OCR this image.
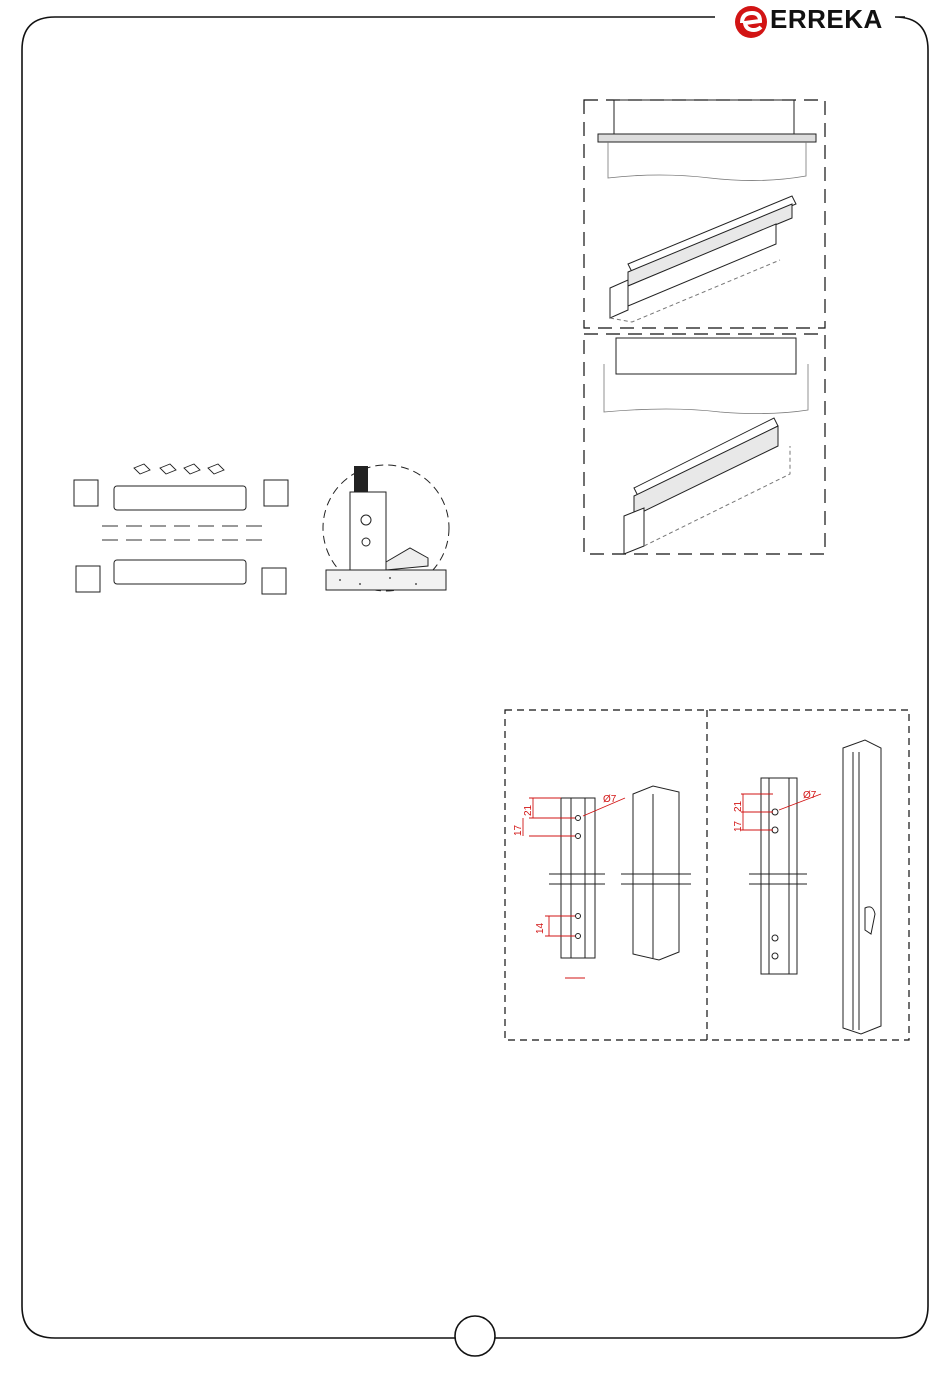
ERREKA
17
21
Ø7
14
17
21
Ø7
